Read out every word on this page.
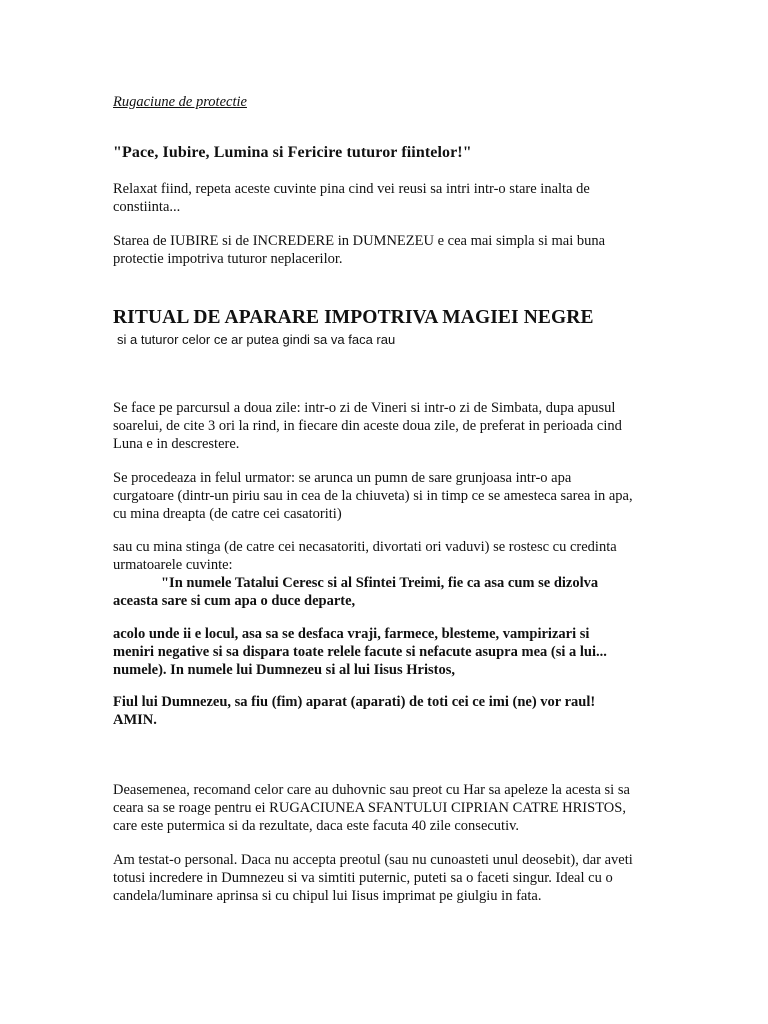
Rugaciune de protectie

"Pace, Iubire, Lumina si Fericire tuturor fiintelor!"

Relaxat fiind, repeta aceste cuvinte pina cind vei reusi sa intri intr-o stare inalta de
constiinta...

Starea de IUBIRE si de INCREDERE in DUMNEZEU e cea mai simpla si mai buna
protectie impotriva tuturor neplacerilor.

RITUAL DE APARARE IMPOTRIVA MAGIEI NEGRE

si a tuturor celor ce ar putea gindi sa va faca rau

Se face pe parcursul a doua zile: intr-o zi de Vineri si intr-o zi de Simbata, dupa apusul
soarelui, de cite 3 ori la rind, in fiecare din aceste doua zile, de preferat in perioada cind
Luna e in descrestere.

Se procedeaza in felul urmator: se arunca un pumn de sare grunjoasa intr-o apa
curgatoare (dintr-un piriu sau in cea de la chiuveta) si in timp ce se amesteca sarea in apa,
cu mina dreapta (de catre cei casatoriti)

sau cu mina stinga (de catre cei necasatoriti, divortati ori vaduvi) se rostesc cu credinta
urmatoarele cuvinte:

"In numele Tatalui Ceresc si al Sfintei Treimi, fie ca asa cum se dizolva
aceasta sare si cum apa o duce departe,

acolo unde ii e locul, asa sa se desfaca vraji, farmece, blesteme, vampirizari si
meniri negative si sa dispara toate relele facute si nefacute asupra mea (si a lui...
numele). In numele lui Dumnezeu si al lui Iisus Hristos,

Fiul lui Dumnezeu, sa fiu (fim) aparat (aparati) de toti cei ce imi (ne) vor raul!
AMIN.

Deasemenea, recomand celor care au duhovnic sau preot cu Har sa apeleze la acesta si sa
ceara sa se roage pentru ei RUGACIUNEA SFANTULUI CIPRIAN CATRE HRISTOS,
care este putermica si da rezultate, daca este facuta 40 zile consecutiv.

Am testat-o personal. Daca nu accepta preotul (sau nu cunoasteti unul deosebit), dar aveti
totusi incredere in Dumnezeu si va simtiti puternic, puteti sa o faceti singur. Ideal cu o
candela/luminare aprinsa si cu chipul lui Iisus imprimat pe giulgiu in fata.
